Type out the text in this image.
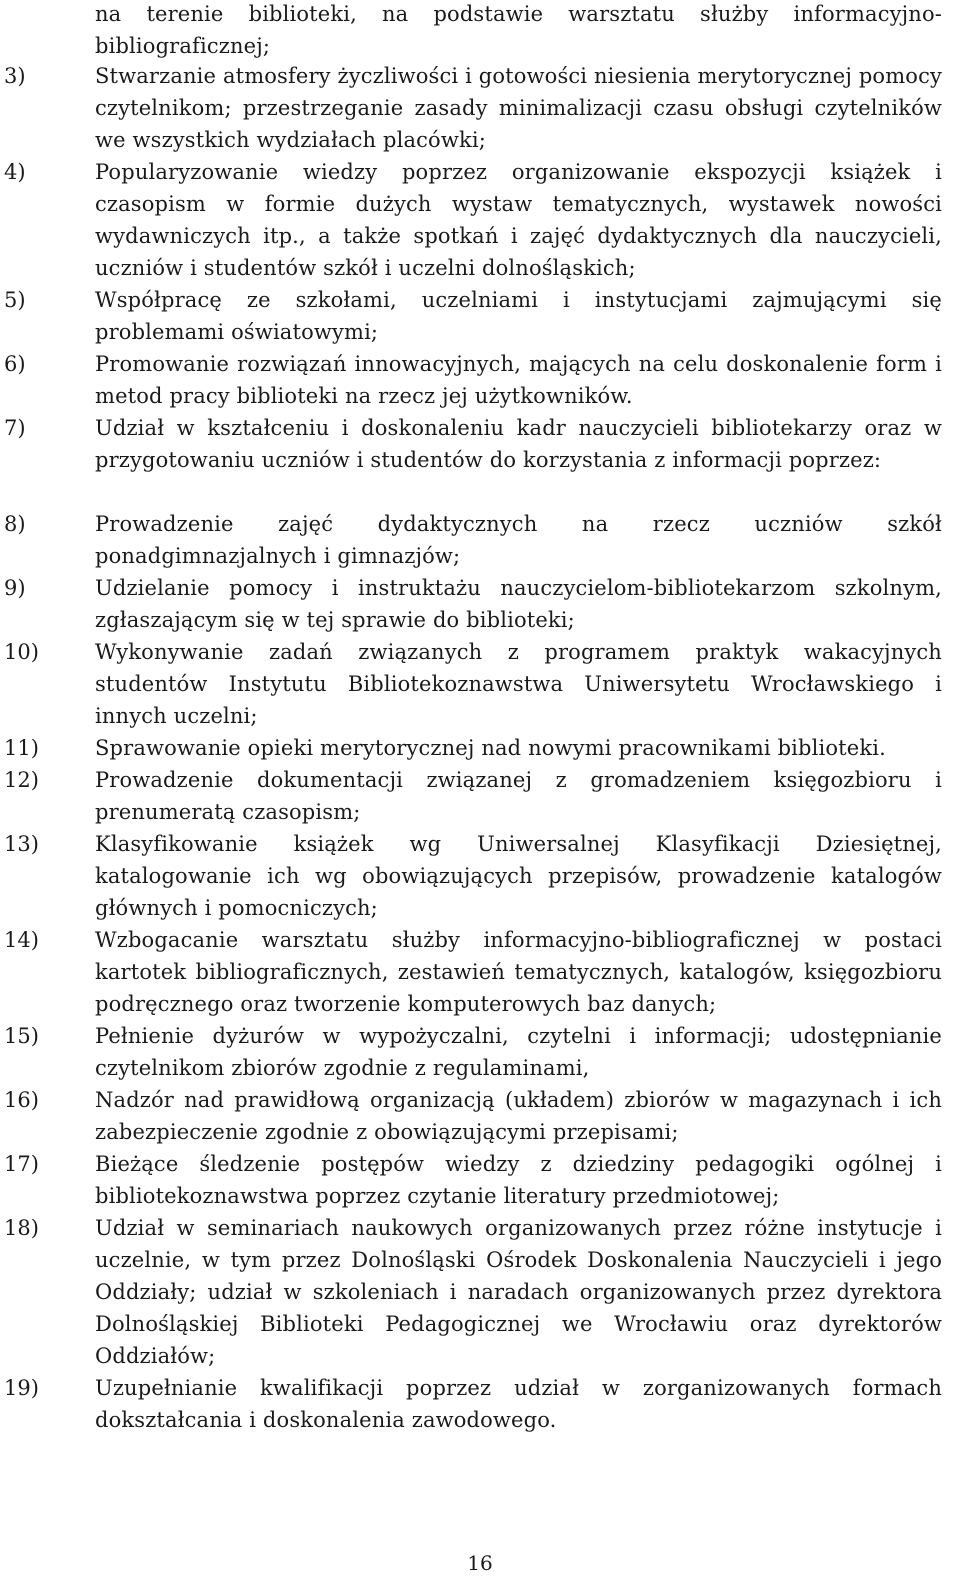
na terenie biblioteki, na podstawie warsztatu służby informacyjno-bibliograficznej;
3)	Stwarzanie atmosfery życzliwości i gotowości niesienia merytorycznej pomocy czytelnikom; przestrzeganie zasady minimalizacji czasu obsługi czytelników we wszystkich wydziałach placówki;
4)	Popularyzowanie wiedzy poprzez organizowanie ekspozycji książek i czasopism w formie dużych wystaw tematycznych, wystawek nowości wydawniczych itp., a także spotkań i zajęć dydaktycznych dla nauczycieli, uczniów i studentów szkół i uczelni dolnośląskich;
5)	Współpracę ze szkołami, uczelniami i instytucjami zajmującymi się problemami oświatowymi;
6)	Promowanie rozwiązań innowacyjnych, mających na celu doskonalenie form i metod pracy biblioteki na rzecz jej użytkowników.
7)	Udział w kształceniu i doskonaleniu kadr nauczycieli bibliotekarzy oraz w przygotowaniu uczniów i studentów do korzystania z informacji poprzez:
8)	Prowadzenie zajęć dydaktycznych na rzecz uczniów szkół ponadgimnazjalnych i gimnazjów;
9)	Udzielanie pomocy i instruktażu nauczycielom-bibliotekarzom szkolnym, zgłaszającym się w tej sprawie do biblioteki;
10)	Wykonywanie zadań związanych z programem praktyk wakacyjnych studentów Instytutu Bibliotekoznawstwa Uniwersytetu Wrocławskiego i innych uczelni;
11)	Sprawowanie opieki merytorycznej nad nowymi pracownikami biblioteki.
12)	Prowadzenie dokumentacji związanej z gromadzeniem księgozbioru i prenumeratą czasopism;
13)	Klasyfikowanie książek wg Uniwersalnej Klasyfikacji Dziesiętnej, katalogowanie ich wg obowiązujących przepisów, prowadzenie katalogów głównych i pomocniczych;
14)	Wzbogacanie warsztatu służby informacyjno-bibliograficznej w postaci kartotek bibliograficznych, zestawień tematycznych, katalogów, księgozbioru podręcznego oraz tworzenie komputerowych baz danych;
15)	Pełnienie dyżurów w wypożyczalni, czytelni i informacji; udostępnianie czytelnikom zbiorów zgodnie z regulaminami,
16)	Nadzór nad prawidłową organizacją (układem) zbiorów w magazynach i ich zabezpieczenie zgodnie z obowiązującymi przepisami;
17)	Bieżące śledzenie postępów wiedzy z dziedziny pedagogiki ogólnej i bibliotekoznawstwa poprzez czytanie literatury przedmiotowej;
18)	Udział w seminariach naukowych organizowanych przez różne instytucje i uczelnie, w tym przez Dolnośląski Ośrodek Doskonalenia Nauczycieli i jego Oddziały; udział w szkoleniach i naradach organizowanych przez dyrektora Dolnośląskiej Biblioteki Pedagogicznej we Wrocławiu oraz dyrektorów Oddziałów;
19)	Uzupełnianie kwalifikacji poprzez udział w zorganizowanych formach dokształcania i doskonalenia zawodowego.
16
